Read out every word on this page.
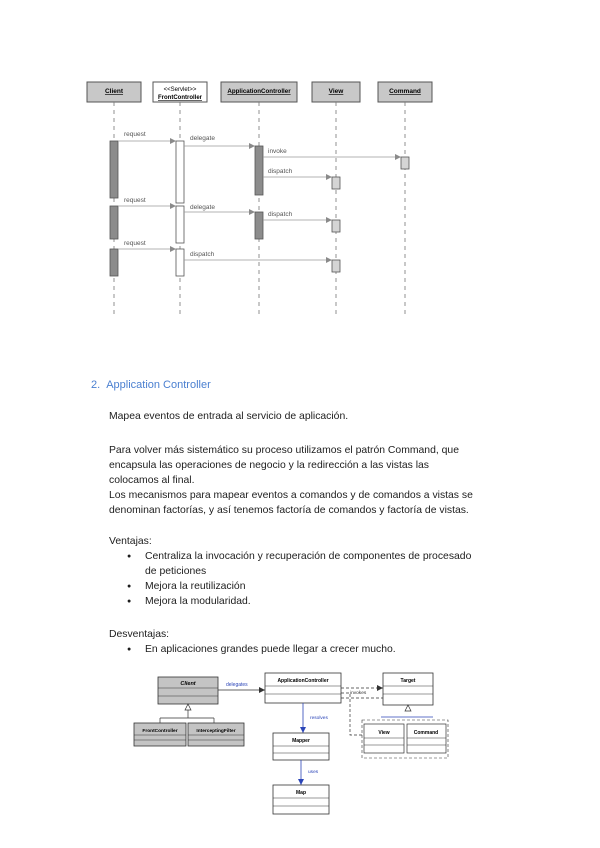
Client	<<Servlet>>
FrontController
ApplicationController	View	Command
request
delegate
invoke
dispatch
request
delegate
dispatch
request
dispatch
2. Application Controller
Mapea eventos de entrada al servicio de aplicación.
Para volver más sistemático su proceso utilizamos el patrón Command, que
encapsula las operaciones de negocio y la redirección a las vistas las
colocamos al final.
Los mecanismos para mapear eventos a comandos y de comandos a vistas se
denominan factorías, y así tenemos factoría de comandos y factoría de vistas.
Ventajas:
● Centraliza la invocación y recuperación de componentes de procesado
de peticiones
● Mejora la reutilización
● Mejora la modularidad.
Desventajas:
● En aplicaciones grandes puede llegar a crecer mucho.
Client
FrontController	InterceptingFilter
delegates
ApplicationController
invokes
Target
View	Command
resolves
Mapper
uses
Map
